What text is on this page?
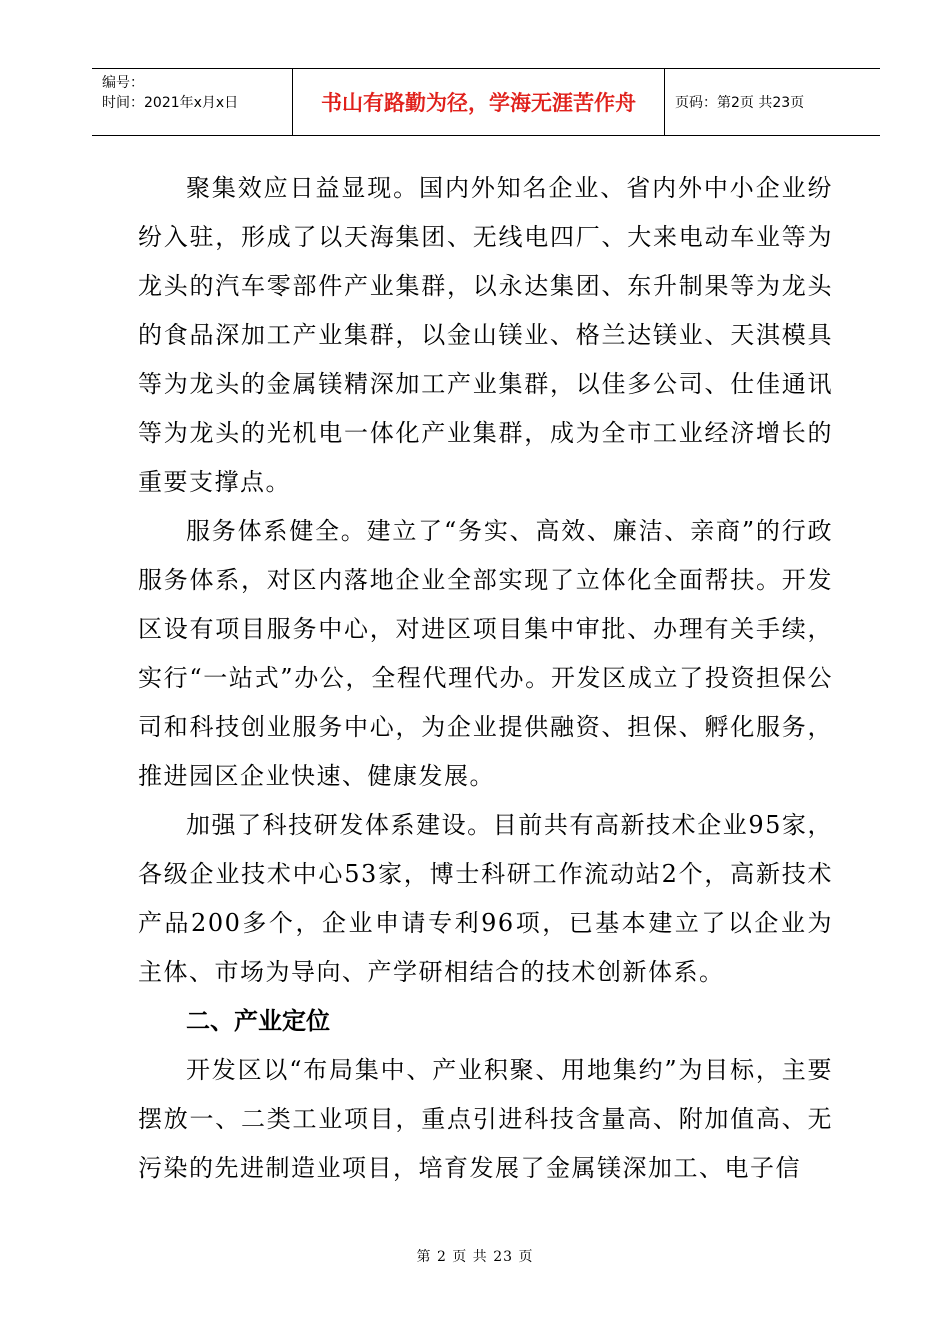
编号：
时间：2021年x月x日	书山有路勤为径，学海无涯苦作舟	页码：第2页 共23页

聚集效应日益显现。国内外知名企业、省内外中小企业纷纷入驻，形成了以天海集团、无线电四厂、大来电动车业等为龙头的汽车零部件产业集群，以永达集团、东升制果等为龙头的食品深加工产业集群，以金山镁业、格兰达镁业、天淇模具等为龙头的金属镁精深加工产业集群，以佳多公司、仕佳通讯等为龙头的光机电一体化产业集群，成为全市工业经济增长的重要支撑点。

服务体系健全。建立了“务实、高效、廉洁、亲商”的行政服务体系，对区内落地企业全部实现了立体化全面帮扶。开发区设有项目服务中心，对进区项目集中审批、办理有关手续，实行“一站式”办公，全程代理代办。开发区成立了投资担保公司和科技创业服务中心，为企业提供融资、担保、孵化服务，推进园区企业快速、健康发展。

加强了科技研发体系建设。目前共有高新技术企业95家，各级企业技术中心53家，博士科研工作流动站2个，高新技术产品200多个，企业申请专利96项，已基本建立了以企业为主体、市场为导向、产学研相结合的技术创新体系。

二、产业定位

开发区以“布局集中、产业积聚、用地集约”为目标，主要摆放一、二类工业项目，重点引进科技含量高、附加值高、无污染的先进制造业项目，培育发展了金属镁深加工、电子信

第 2 页 共 23 页
